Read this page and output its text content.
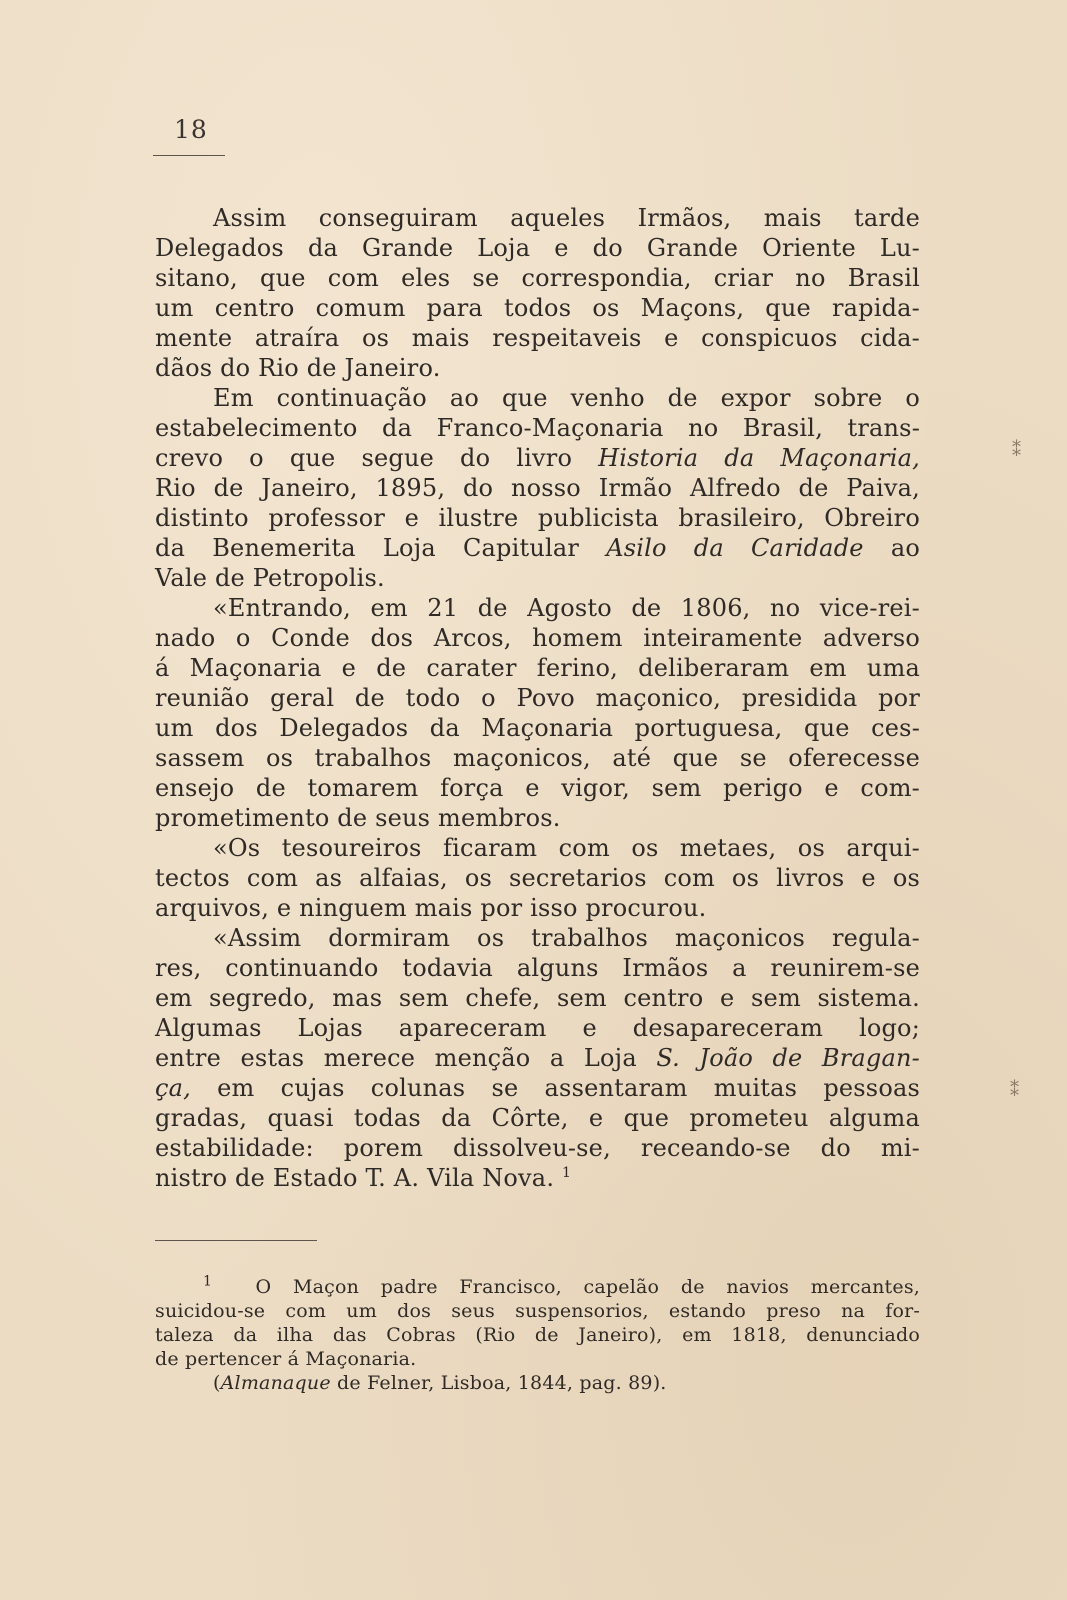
18
Assim conseguiram aqueles Irmãos, mais tarde
Delegados da Grande Loja e do Grande Oriente Lu-
sitano, que com eles se correspondia, criar no Brasil
um centro comum para todos os Maçons, que rapida-
mente atraíra os mais respeitaveis e conspicuos cida-
dãos do Rio de Janeiro.
Em continuação ao que venho de expor sobre o
estabelecimento da Franco-Maçonaria no Brasil, trans-
crevo o que segue do livro Historia da Maçonaria,
Rio de Janeiro, 1895, do nosso Irmão Alfredo de Paiva,
distinto professor e ilustre publicista brasileiro, Obreiro
da Benemerita Loja Capitular Asilo da Caridade ao
Vale de Petropolis.
«Entrando, em 21 de Agosto de 1806, no vice-rei-
nado o Conde dos Arcos, homem inteiramente adverso
á Maçonaria e de carater ferino, deliberaram em uma
reunião geral de todo o Povo maçonico, presidida por
um dos Delegados da Maçonaria portuguesa, que ces-
sassem os trabalhos maçonicos, até que se oferecesse
ensejo de tomarem força e vigor, sem perigo e com-
prometimento de seus membros.
«Os tesoureiros ficaram com os metaes, os arqui-
tectos com as alfaias, os secretarios com os livros e os
arquivos, e ninguem mais por isso procurou.
«Assim dormiram os trabalhos maçonicos regula-
res, continuando todavia alguns Irmãos a reunirem-se
em segredo, mas sem chefe, sem centro e sem sistema.
Algumas Lojas apareceram e desapareceram logo;
entre estas merece menção a Loja S. João de Bragan-
ça, em cujas colunas se assentaram muitas pessoas
gradas, quasi todas da Côrte, e que prometeu alguma
estabilidade: porem dissolveu-se, receando-se do mi-
nistro de Estado T. A. Vila Nova. $^1$
$^1$ O Maçon padre Francisco, capelão de navios mercantes,
suicidou-se com um dos seus suspensorios, estando preso na for-
taleza da ilha das Cobras (Rio de Janeiro), em 1818, denunciado
de pertencer á Maçonaria.
(Almanaque de Felner, Lisboa, 1844, pag. 89).
⁑
⁑
